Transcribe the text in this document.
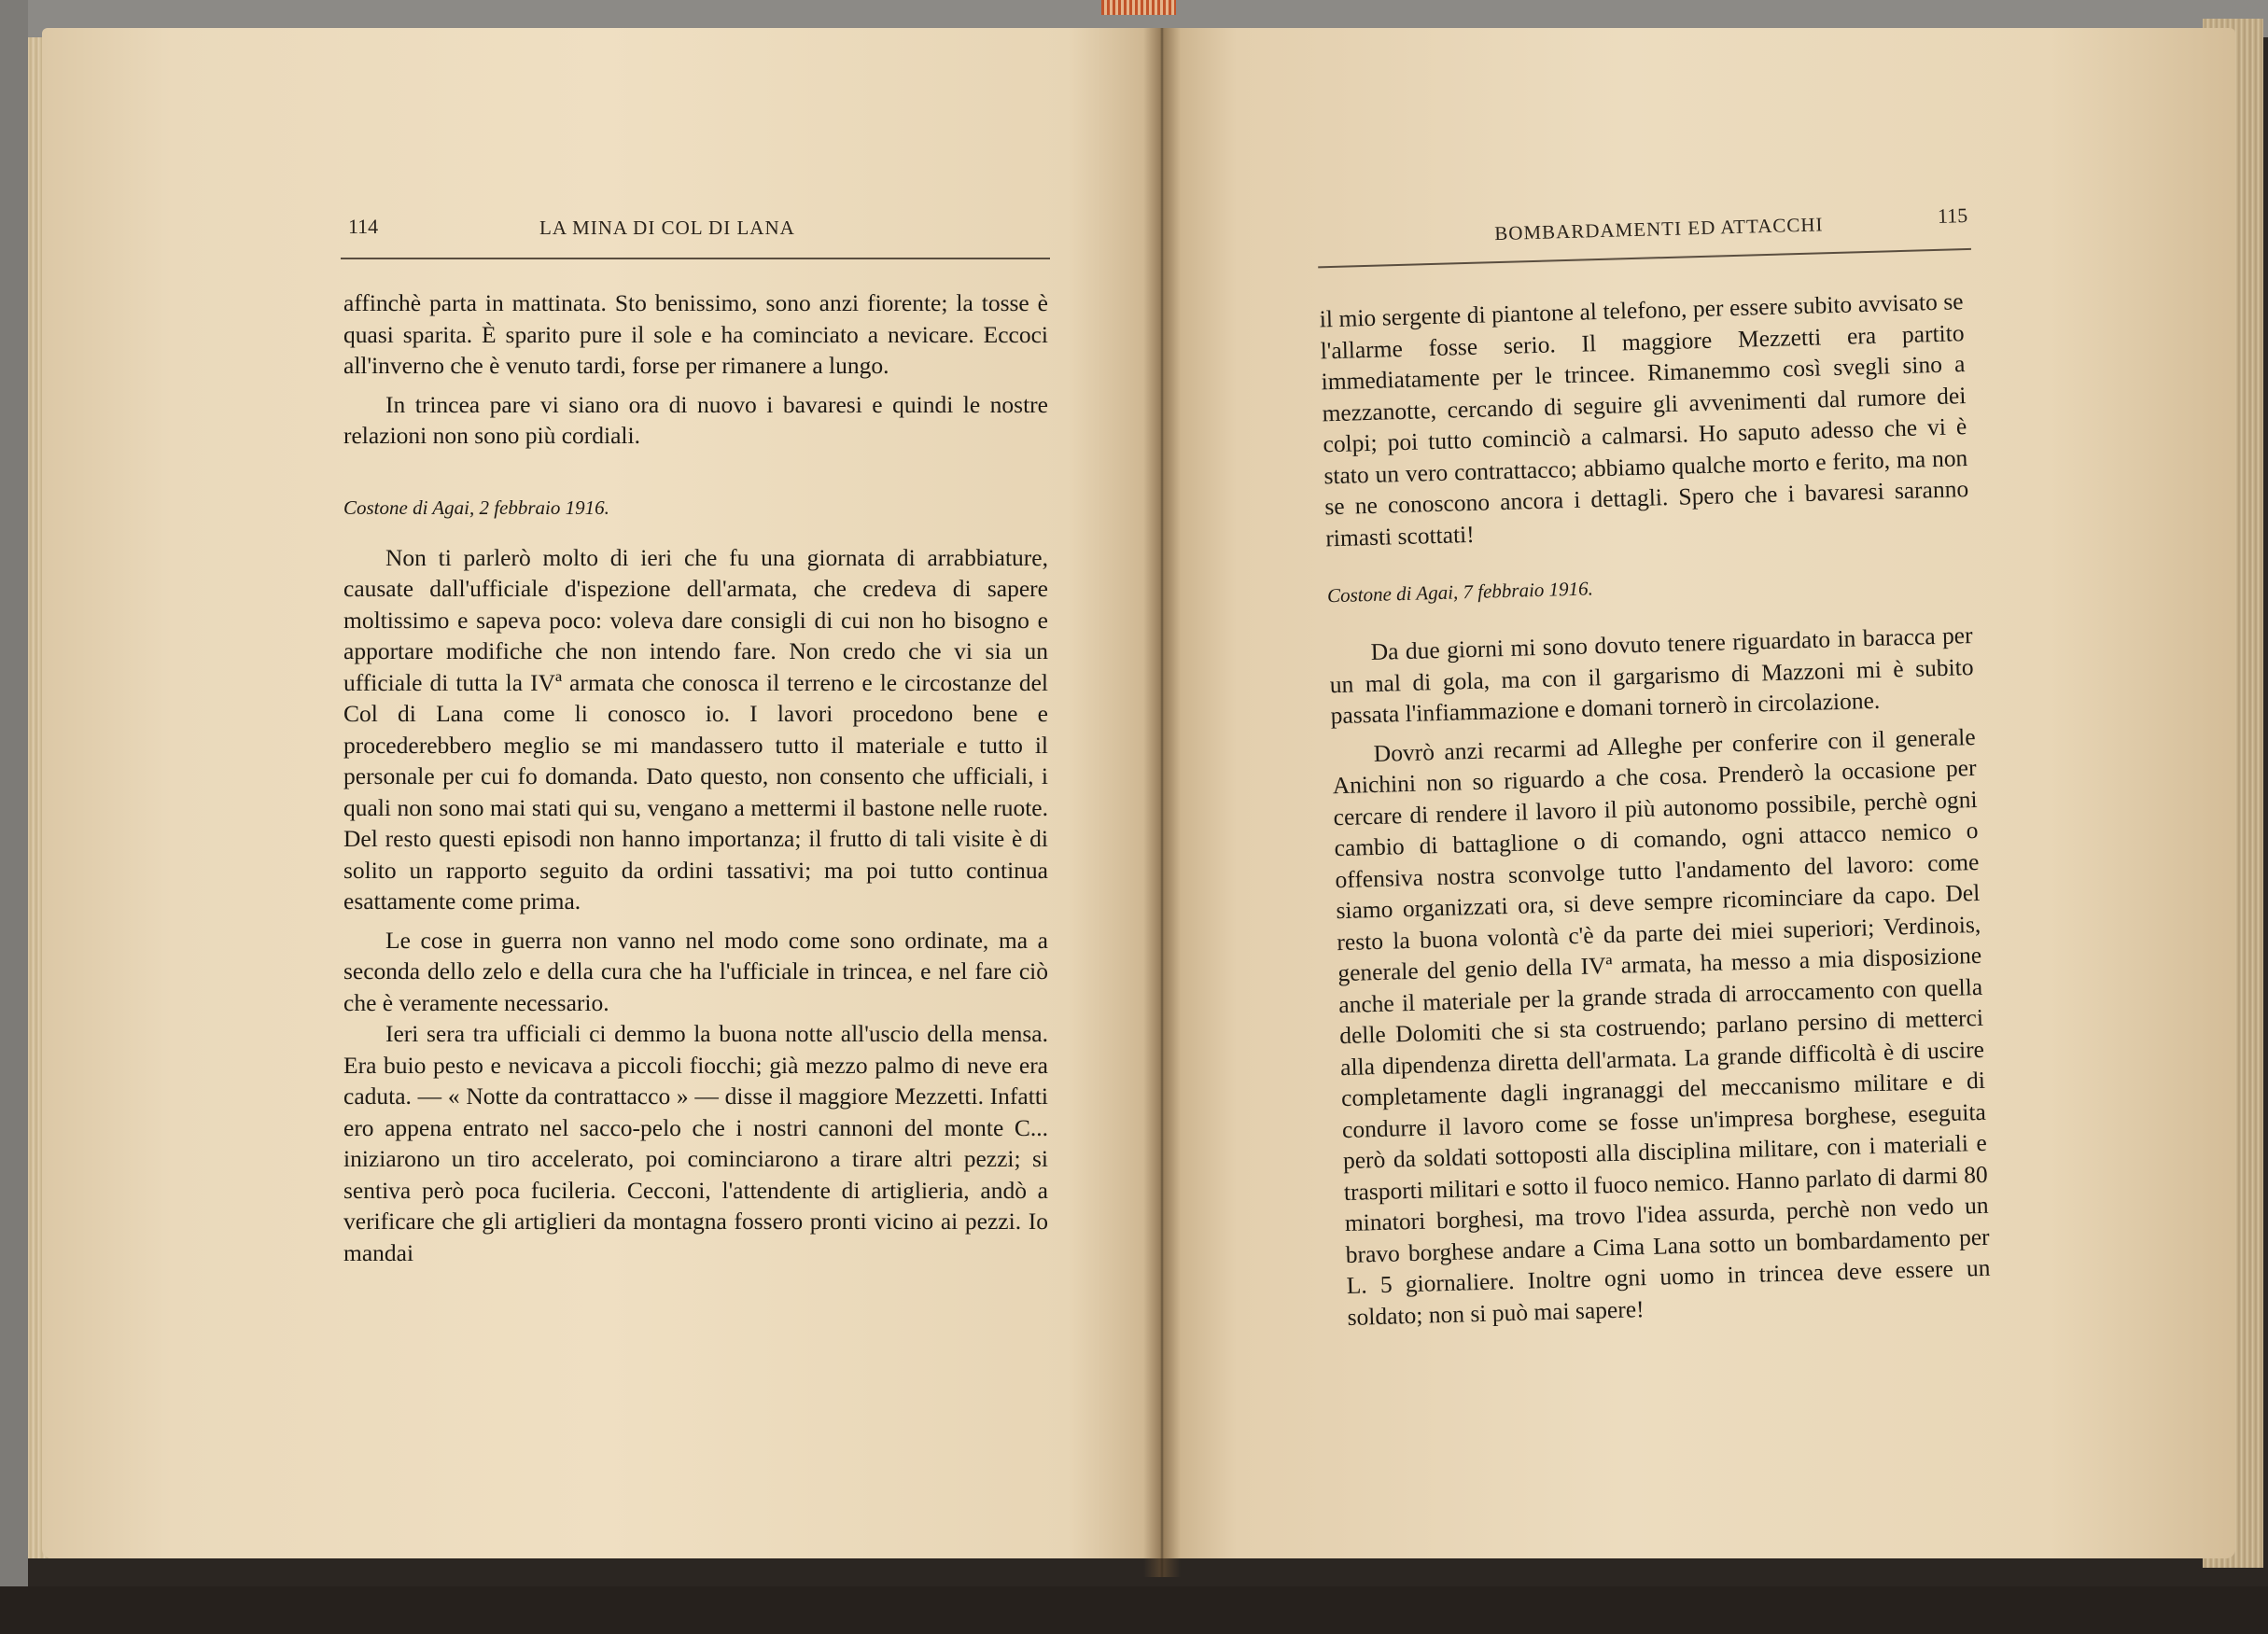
114	LA MINA DI COL DI LANA

affinchè parta in mattinata. Sto benissimo, sono anzi fiorente; la tosse è quasi sparita. È sparito pure il sole e ha cominciato a nevicare. Eccoci all'inverno che è venuto tardi, forse per rimanere a lungo.

In trincea pare vi siano ora di nuovo i bavaresi e quindi le nostre relazioni non sono più cordiali.

Costone di Agai, 2 febbraio 1916.

Non ti parlerò molto di ieri che fu una giornata di arrabbiature, causate dall'ufficiale d'ispezione dell'armata, che credeva di sapere moltissimo e sapeva poco: voleva dare consigli di cui non ho bisogno e apportare modifiche che non intendo fare. Non credo che vi sia un ufficiale di tutta la IVª armata che conosca il terreno e le circostanze del Col di Lana come li conosco io. I lavori procedono bene e procederebbero meglio se mi mandassero tutto il materiale e tutto il personale per cui fo domanda. Dato questo, non consento che ufficiali, i quali non sono mai stati qui su, vengano a mettermi il bastone nelle ruote. Del resto questi episodi non hanno importanza; il frutto di tali visite è di solito un rapporto seguito da ordini tassativi; ma poi tutto continua esattamente come prima.

Le cose in guerra non vanno nel modo come sono ordinate, ma a seconda dello zelo e della cura che ha l'ufficiale in trincea, e nel fare ciò che è veramente necessario.

Ieri sera tra ufficiali ci demmo la buona notte all'uscio della mensa. Era buio pesto e nevicava a piccoli fiocchi; già mezzo palmo di neve era caduta. — « Notte da contrattacco » — disse il maggiore Mezzetti. Infatti ero appena entrato nel sacco-pelo che i nostri cannoni del monte C... iniziarono un tiro accelerato, poi cominciarono a tirare altri pezzi; si sentiva però poca fucileria. Cecconi, l'attendente di artiglieria, andò a verificare che gli artiglieri da montagna fossero pronti vicino ai pezzi. Io mandai

BOMBARDAMENTI ED ATTACCHI	115

il mio sergente di piantone al telefono, per essere subito avvisato se l'allarme fosse serio. Il maggiore Mezzetti era partito immediatamente per le trincee. Rimanemmo così svegli sino a mezzanotte, cercando di seguire gli avvenimenti dal rumore dei colpi; poi tutto cominciò a calmarsi. Ho saputo adesso che vi è stato un vero contrattacco; abbiamo qualche morto e ferito, ma non se ne conoscono ancora i dettagli. Spero che i bavaresi saranno rimasti scottati!

Costone di Agai, 7 febbraio 1916.

Da due giorni mi sono dovuto tenere riguardato in baracca per un mal di gola, ma con il gargarismo di Mazzoni mi è subito passata l'infiammazione e domani tornerò in circolazione.

Dovrò anzi recarmi ad Alleghe per conferire con il generale Anichini non so riguardo a che cosa. Prenderò la occasione per cercare di rendere il lavoro il più autonomo possibile, perchè ogni cambio di battaglione o di comando, ogni attacco nemico o offensiva nostra sconvolge tutto l'andamento del lavoro: come siamo organizzati ora, si deve sempre ricominciare da capo. Del resto la buona volontà c'è da parte dei miei superiori; Verdinois, generale del genio della IVª armata, ha messo a mia disposizione anche il materiale per la grande strada di arroccamento con quella delle Dolomiti che si sta costruendo; parlano persino di metterci alla dipendenza diretta dell'armata. La grande difficoltà è di uscire completamente dagli ingranaggi del meccanismo militare e di condurre il lavoro come se fosse un'impresa borghese, eseguita però da soldati sottoposti alla disciplina militare, con i materiali e trasporti militari e sotto il fuoco nemico. Hanno parlato di darmi 80 minatori borghesi, ma trovo l'idea assurda, perchè non vedo un bravo borghese andare a Cima Lana sotto un bombardamento per L. 5 giornaliere. Inoltre ogni uomo in trincea deve essere un soldato; non si può mai sapere!
